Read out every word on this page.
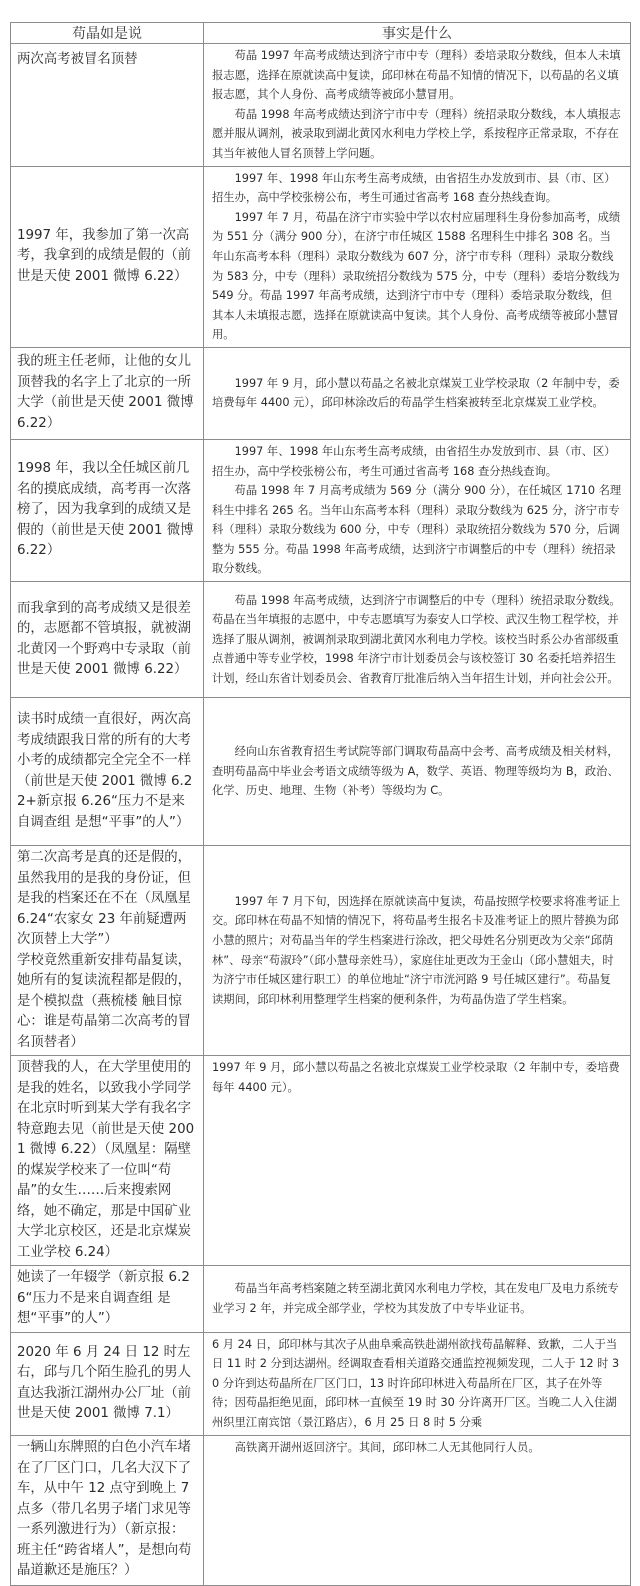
苟晶如是说	事实是什么
两次高考被冒名顶替	苟晶 1997 年高考成绩达到济宁市中专（理科）委培录取分数线，但本人未填报志愿，选择在原就读高中复读，邱印林在苟晶不知情的情况下，以苟晶的名义填报志愿，其个人身份、高考成绩等被邱小慧冒用。

苟晶 1998 年高考成绩达到济宁市中专（理科）统招录取分数线，本人填报志愿并服从调剂，被录取到湖北黄冈水利电力学校上学，系按程序正常录取，不存在其当年被他人冒名顶替上学问题。

1997 年，我参加了第一次高考，我拿到的成绩是假的（前世是天使 2001 微博 6.22）	1997 年、1998 年山东考生高考成绩，由省招生办发放到市、县（市、区）招生办，高中学校张榜公布，考生可通过省高考 168 查分热线查询。

1997 年 7 月，苟晶在济宁市实验中学以农村应届理科生身份参加高考，成绩为 551 分（满分 900 分），在济宁市任城区 1588 名理科生中排名 308 名。当年山东高考本科（理科）录取分数线为 607 分，济宁市专科（理科）录取分数线为 583 分，中专（理科）录取统招分数线为 575 分，中专（理科）委培分数线为 549 分。苟晶 1997 年高考成绩，达到济宁市中专（理科）委培录取分数线，但其本人未填报志愿，选择在原就读高中复读。其个人身份、高考成绩等被邱小慧冒用。

我的班主任老师，让他的女儿顶替我的名字上了北京的一所大学（前世是天使 2001 微博 6.22）	1997 年 9 月，邱小慧以苟晶之名被北京煤炭工业学校录取（2 年制中专，委培费每年 4400 元），邱印林涂改后的苟晶学生档案被转至北京煤炭工业学校。

1998 年，我以全任城区前几名的摸底成绩，高考再一次落榜了，因为我拿到的成绩又是假的（前世是天使 2001 微博 6.22）	1997 年、1998 年山东考生高考成绩，由省招生办发放到市、县（市、区）招生办，高中学校张榜公布，考生可通过省高考 168 查分热线查询。

苟晶 1998 年 7 月高考成绩为 569 分（满分 900 分），在任城区 1710 名理科生中排名 265 名。当年山东高考本科（理科）录取分数线为 625 分，济宁市专科（理科）录取分数线为 600 分，中专（理科）录取统招分数线为 570 分，后调整为 555 分。苟晶 1998 年高考成绩，达到济宁市调整后的中专（理科）统招录取分数线。

而我拿到的高考成绩又是很差的，志愿都不管填报，就被湖北黄冈一个野鸡中专录取（前世是天使 2001 微博 6.22）	苟晶 1998 年高考成绩，达到济宁市调整后的中专（理科）统招录取分数线。苟晶在当年填报的志愿中，中专志愿填写为泰安人口学校、武汉生物工程学校，并选择了服从调剂，被调剂录取到湖北黄冈水利电力学校。该校当时系公办省部级重点普通中等专业学校，1998 年济宁市计划委员会与该校签订 30 名委托培养招生计划，经山东省计划委员会、省教育厅批准后纳入当年招生计划，并向社会公开。

读书时成绩一直很好，两次高考成绩跟我日常的所有的大考小考的成绩都完全完全不一样（前世是天使 2001 微博 6.22+新京报 6.26“压力不是来自调查组 是想“平事”的人”）	经向山东省教育招生考试院等部门调取苟晶高中会考、高考成绩及相关材料，查明苟晶高中毕业会考语文成绩等级为 A，数学、英语、物理等级均为 B，政治、化学、历史、地理、生物（补考）等级均为 C。

第二次高考是真的还是假的，虽然我用的是我的身份证，但是我的档案还在不在（凤凰星 6.24“农家女 23 年前疑遭两次顶替上大学”）
学校竟然重新安排苟晶复读，她所有的复读流程都是假的，是个模拟盘（燕梳楼 触目惊心：谁是苟晶第二次高考的冒名顶替者）	1997 年 7 月下旬，因选择在原就读高中复读，苟晶按照学校要求将准考证上交。邱印林在苟晶不知情的情况下，将苟晶考生报名卡及准考证上的照片替换为邱小慧的照片；对苟晶当年的学生档案进行涂改，把父母姓名分别更改为父亲“邱荫林”、母亲“苟淑玲”（邱小慧母亲姓马），家庭住址更改为王金山（邱小慧姐夫，时为济宁市任城区建行职工）的单位地址“济宁市洸河路 9 号任城区建行”。苟晶复读期间，邱印林利用整理学生档案的便利条件，为苟晶伪造了学生档案。

顶替我的人，在大学里使用的是我的姓名，以致我小学同学在北京时听到某大学有我名字特意跑去见（前世是天使 2001 微博 6.22）（凤凰星：隔壁的煤炭学校来了一位叫“苟晶”的女生……后来搜索网络，她不确定，那是中国矿业大学北京校区，还是北京煤炭工业学校 6.24）	1997 年 9 月，邱小慧以苟晶之名被北京煤炭工业学校录取（2 年制中专，委培费每年 4400 元）。

她读了一年辍学（新京报 6.26“压力不是来自调查组 是想“平事”的人”）	苟晶当年高考档案随之转至湖北黄冈水利电力学校，其在发电厂及电力系统专业学习 2 年，并完成全部学业，学校为其发放了中专毕业证书。

2020 年 6 月 24 日 12 时左右，邱与几个陌生脸孔的男人直达我浙江湖州办公厂址（前世是天使 2001 微博 7.1）	6 月 24 日，邱印林与其次子从曲阜乘高铁赴湖州欲找苟晶解释、致歉，二人于当日 11 时 2 分到达湖州。经调取查看相关道路交通监控视频发现，二人于 12 时 30 分许到达苟晶所在厂区门口，13 时许邱印林进入苟晶所在厂区，其子在外等待；因苟晶拒绝见面，邱印林一直候至 19 时 30 分许离开厂区。当晚二人入住湖州织里江南宾馆（景江路店），6 月 25 日 8 时 5 分乘

一辆山东牌照的白色小汽车堵在了厂区门口，几名大汉下了车，从中午 12 点守到晚上 7 点多（带几名男子堵门求见等一系列激进行为）（新京报：班主任“跨省堵人”，是想向苟晶道歉还是施压？）	高铁离开湖州返回济宁。其间，邱印林二人无其他同行人员。
